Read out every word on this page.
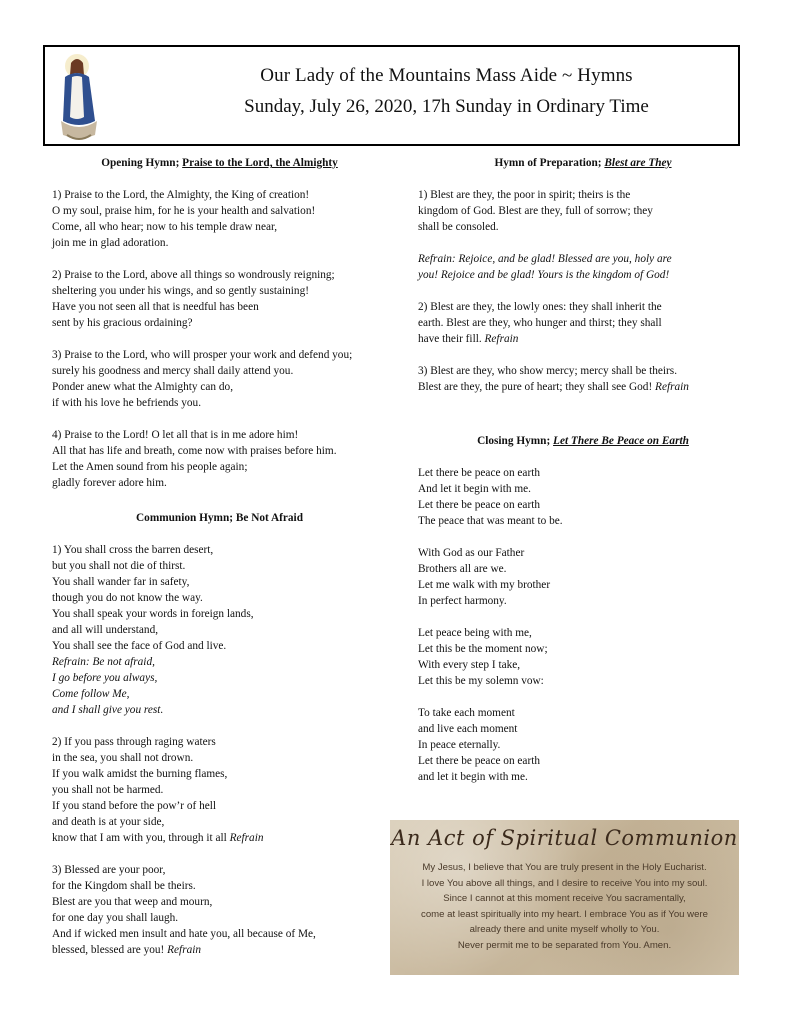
Our Lady of the Mountains Mass Aide ~ Hymns
Sunday, July 26, 2020, 17h Sunday in Ordinary Time
Opening Hymn; Praise to the Lord, the Almighty
1) Praise to the Lord, the Almighty, the King of creation!
O my soul, praise him, for he is your health and salvation!
Come, all who hear; now to his temple draw near,
join me in glad adoration.
2) Praise to the Lord, above all things so wondrously reigning;
sheltering you under his wings, and so gently sustaining!
Have you not seen all that is needful has been
sent by his gracious ordaining?
3) Praise to the Lord, who will prosper your work and defend you;
surely his goodness and mercy shall daily attend you.
Ponder anew what the Almighty can do,
if with his love he befriends you.
4) Praise to the Lord! O let all that is in me adore him!
All that has life and breath, come now with praises before him.
Let the Amen sound from his people again;
gladly forever adore him.
Communion Hymn; Be Not Afraid
1) You shall cross the barren desert,
but you shall not die of thirst.
You shall wander far in safety,
though you do not know the way.
You shall speak your words in foreign lands,
and all will understand,
You shall see the face of God and live.
Refrain: Be not afraid,
I go before you always,
Come follow Me,
and I shall give you rest.
2) If you pass through raging waters
in the sea, you shall not drown.
If you walk amidst the burning flames,
you shall not be harmed.
If you stand before the pow’r of hell
and death is at your side,
know that I am with you, through it all Refrain
3) Blessed are your poor,
for the Kingdom shall be theirs.
Blest are you that weep and mourn,
for one day you shall laugh.
And if wicked men insult and hate you, all because of Me,
blessed, blessed are you! Refrain
Hymn of Preparation; Blest are They
1) Blest are they, the poor in spirit; theirs is the
kingdom of God. Blest are they, full of sorrow; they
shall be consoled.
Refrain: Rejoice, and be glad! Blessed are you, holy are
you! Rejoice and be glad! Yours is the kingdom of God!
2) Blest are they, the lowly ones: they shall inherit the
earth. Blest are they, who hunger and thirst; they shall
have their fill. Refrain
3) Blest are they, who show mercy; mercy shall be theirs.
Blest are they, the pure of heart; they shall see God! Refrain
Closing Hymn; Let There Be Peace on Earth
Let there be peace on earth
And let it begin with me.
Let there be peace on earth
The peace that was meant to be.
With God as our Father
Brothers all are we.
Let me walk with my brother
In perfect harmony.
Let peace being with me,
Let this be the moment now;
With every step I take,
Let this be my solemn vow:
To take each moment
and live each moment
In peace eternally.
Let there be peace on earth
and let it begin with me.
An Act of Spiritual Communion
My Jesus, I believe that You are truly present in the Holy Eucharist.
I love You above all things, and I desire to receive You into my soul.
Since I cannot at this moment receive You sacramentally,
come at least spiritually into my heart. I embrace You as if You were
already there and unite myself wholly to You.
Never permit me to be separated from You. Amen.
